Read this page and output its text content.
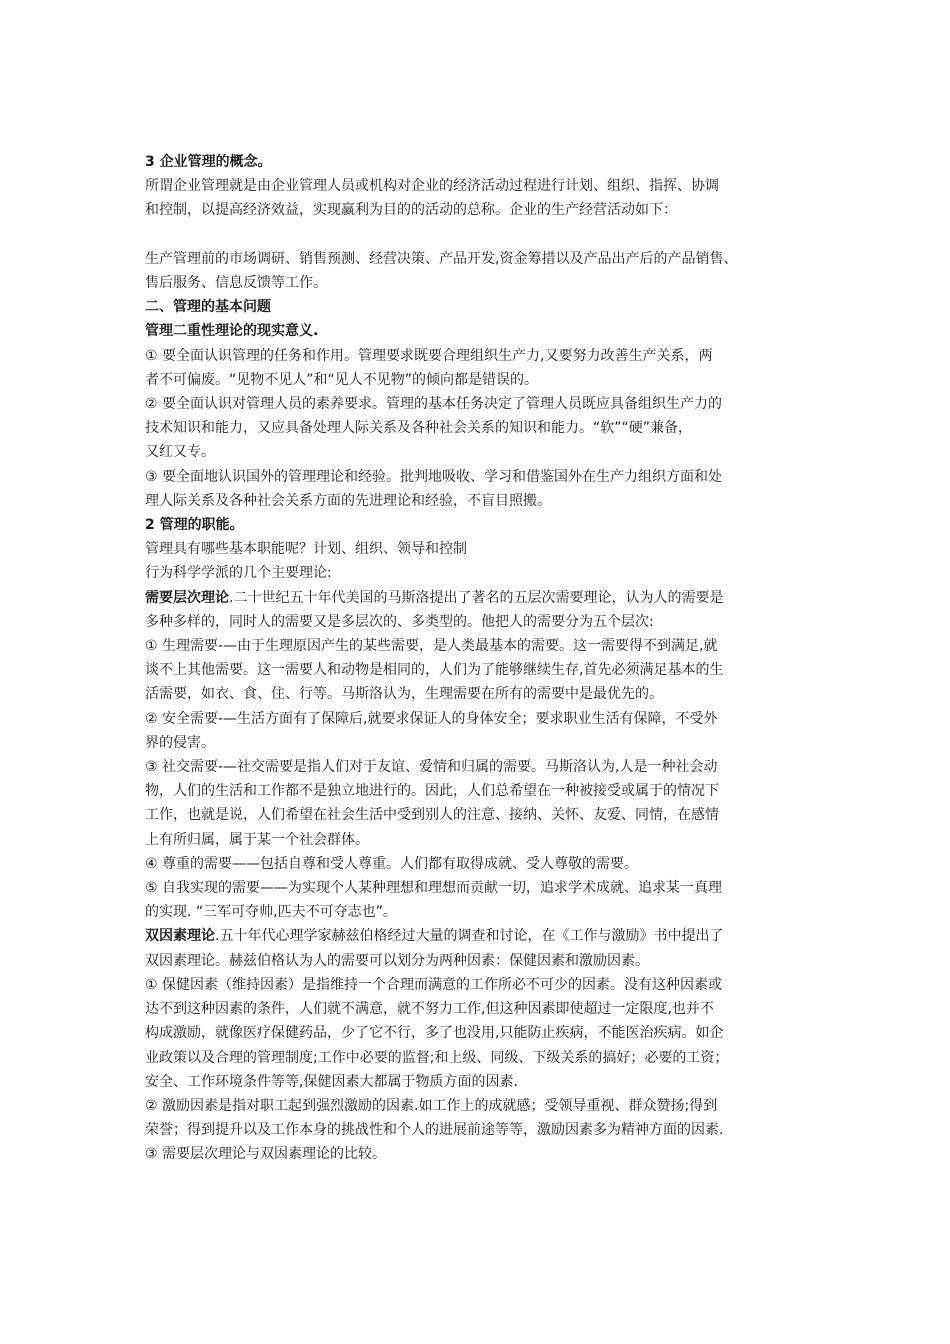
3 企业管理的概念。

所谓企业管理就是由企业管理人员或机构对企业的经济活动过程进行计划、组织、指挥、协调

和控制，以提高经济效益，实现赢利为目的的活动的总称。企业的生产经营活动如下：

生产管理前的市场调研、销售预测、经营决策、产品开发,资金筹措以及产品出产后的产品销售、

售后服务、信息反馈等工作。

二、管理的基本问题

管理二重性理论的现实意义.

① 要全面认识管理的任务和作用。管理要求既要合理组织生产力,又要努力改善生产关系，两

者不可偏废。“见物不见人”和“见人不见物”的倾向都是错误的。

② 要全面认识对管理人员的素养要求。管理的基本任务决定了管理人员既应具备组织生产力的

技术知识和能力，又应具备处理人际关系及各种社会关系的知识和能力。“软”“硬”兼备，

又红又专。

③ 要全面地认识国外的管理理论和经验。批判地吸收、学习和借鉴国外在生产力组织方面和处

理人际关系及各种社会关系方面的先进理论和经验，不盲目照搬。

2 管理的职能。

管理具有哪些基本职能呢？计划、组织、领导和控制

行为科学学派的几个主要理论:

需要层次理论.二十世纪五十年代美国的马斯洛提出了著名的五层次需要理论，认为人的需要是

多种多样的，同时人的需要又是多层次的、多类型的。他把人的需要分为五个层次:

① 生理需要-—由于生理原因产生的某些需要，是人类最基本的需要。这一需要得不到满足,就

谈不上其他需要。这一需要人和动物是相同的，人们为了能够继续生存,首先必须满足基本的生

活需要，如衣、食、住、行等。马斯洛认为，生理需要在所有的需要中是最优先的。

② 安全需要-—生活方面有了保障后,就要求保证人的身体安全；要求职业生活有保障，不受外

界的侵害。

③ 社交需要-—社交需要是指人们对于友谊、爱情和归属的需要。马斯洛认为,人是一种社会动

物，人们的生活和工作都不是独立地进行的。因此，人们总希望在一种被接受或属于的情况下

工作，也就是说，人们希望在社会生活中受到别人的注意、接纳、关怀、友爱、同情，在感情

上有所归属，属于某一个社会群体。

④ 尊重的需要——包括自尊和受人尊重。人们都有取得成就、受人尊敬的需要。

⑤ 自我实现的需要——为实现个人某种理想和理想而贡献一切，追求学术成就、追求某一真理

的实现. “三军可夺帅,匹夫不可夺志也”。

双因素理论.五十年代心理学家赫兹伯格经过大量的调查和讨论，在《工作与激励》书中提出了

双因素理论。赫兹伯格认为人的需要可以划分为两种因素：保健因素和激励因素。

① 保健因素（维持因素）是指维持一个合理而满意的工作所必不可少的因素。没有这种因素或

达不到这种因素的条件，人们就不满意，就不努力工作,但这种因素即使超过一定限度,也并不

构成激励，就像医疗保健药品，少了它不行，多了也没用,只能防止疾病，不能医治疾病。如企

业政策以及合理的管理制度;工作中必要的监督;和上级、同级、下级关系的搞好；必要的工资；

安全、工作环境条件等等,保健因素大都属于物质方面的因素.

② 激励因素是指对职工起到强烈激励的因素.如工作上的成就感；受领导重视、群众赞扬;得到

荣誉；得到提升以及工作本身的挑战性和个人的进展前途等等，激励因素多为精神方面的因素.

③ 需要层次理论与双因素理论的比较。
